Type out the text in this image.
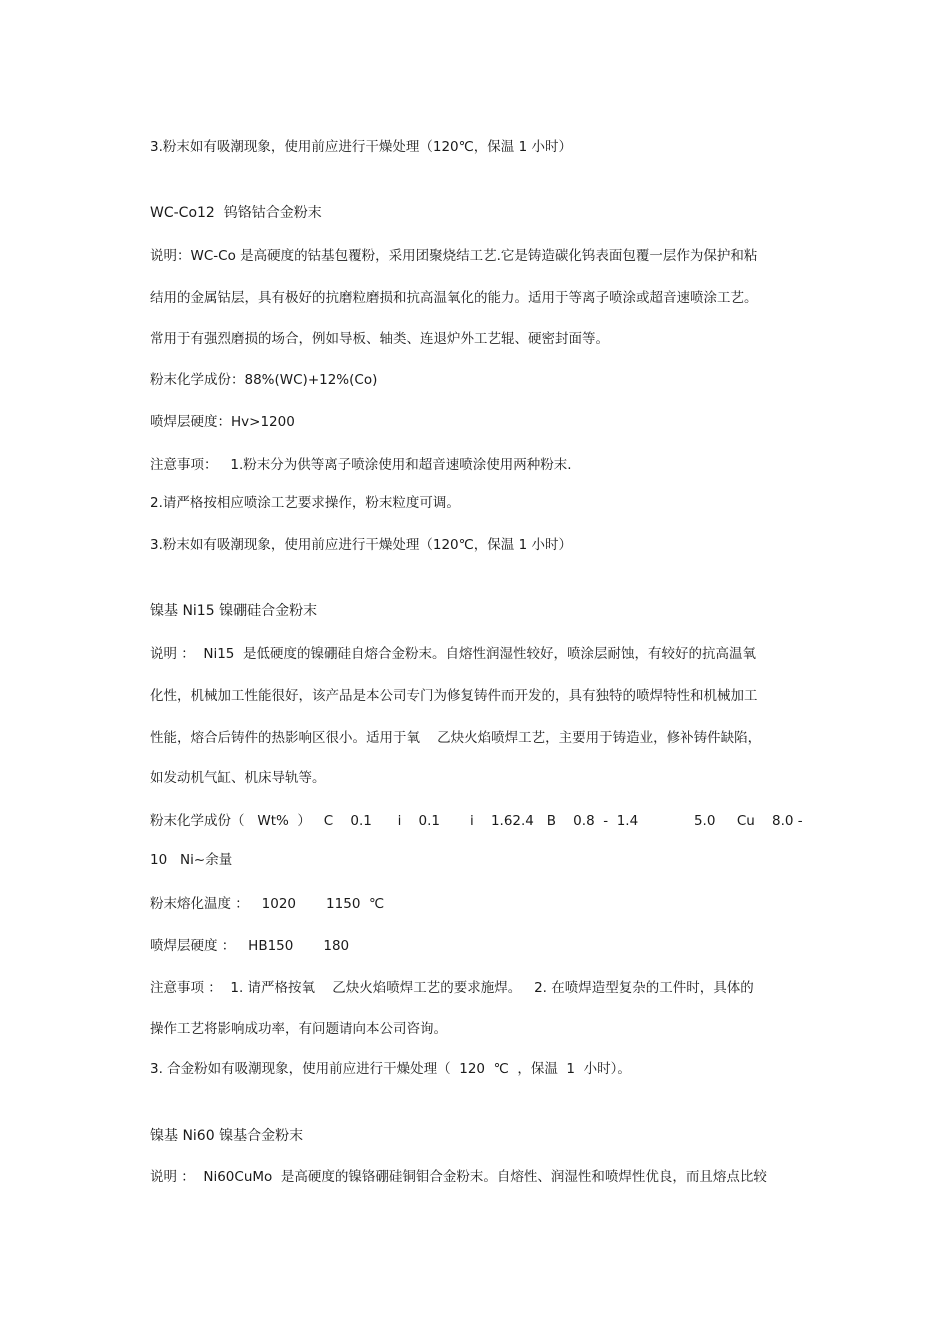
3.粉末如有吸潮现象，使用前应进行干燥处理（120℃，保温 1 小时）

WC-Co12  钨铬钴合金粉末

说明：WC-Co 是高硬度的钴基包覆粉，采用团聚烧结工艺.它是铸造碳化钨表面包覆一层作为保护和粘

结用的金属钴层，具有极好的抗磨粒磨损和抗高温氧化的能力。适用于等离子喷涂或超音速喷涂工艺。

常用于有强烈磨损的场合，例如导板、轴类、连退炉外工艺辊、硬密封面等。

粉末化学成份：88%(WC)+12%(Co)

喷焊层硬度：Hv>1200

注意事项：   1.粉末分为供等离子喷涂使用和超音速喷涂使用两种粉末.

2.请严格按相应喷涂工艺要求操作，粉末粒度可调。

3.粉末如有吸潮现象，使用前应进行干燥处理（120℃，保温 1 小时）

镍基 Ni15 镍硼硅合金粉末

说明 ：  Ni15  是低硬度的镍硼硅自熔合金粉末。自熔性润湿性较好，喷涂层耐蚀，有较好的抗高温氧

化性，机械加工性能很好，该产品是本公司专门为修复铸件而开发的，具有独特的喷焊特性和机械加工

性能，熔合后铸件的热影响区很小。适用于氧    乙炔火焰喷焊工艺，主要用于铸造业，修补铸件缺陷，

如发动机气缸、机床导轨等。

粉末化学成份（   Wt%  ）   C    0.1      i    0.1       i    1.62.4   B    0.8  -  1.4             5.0     Cu    8.0 -

10   Ni~余量

粉末熔化温度 ：   1020       1150  ℃

喷焊层硬度 ：   HB150       180

注意事项 ：  1. 请严格按氧    乙炔火焰喷焊工艺的要求施焊。   2. 在喷焊造型复杂的工件时，具体的

操作工艺将影响成功率，有问题请向本公司咨询。

3. 合金粉如有吸潮现象，使用前应进行干燥处理（  120  ℃  ，保温  1  小时）。

镍基 Ni60 镍基合金粉末

说明 ：  Ni60CuMo  是高硬度的镍铬硼硅铜钼合金粉末。自熔性、润湿性和喷焊性优良，而且熔点比较
